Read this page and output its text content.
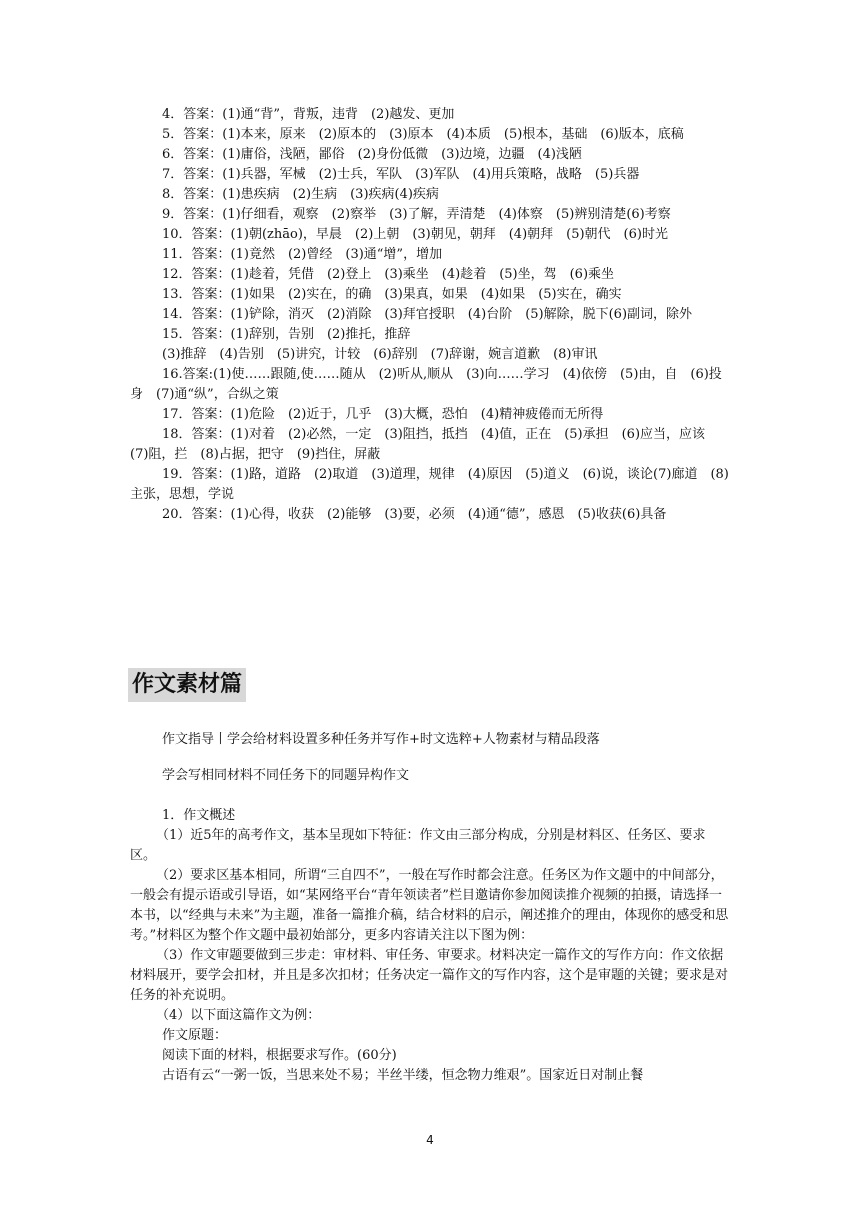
4．答案：(1)通“背”，背叛，违背　(2)越发、更加

5．答案：(1)本来，原来　(2)原本的　(3)原本　(4)本质　(5)根本，基础　(6)版本，底稿

6．答案：(1)庸俗，浅陋，鄙俗　(2)身份低微　(3)边境，边疆　(4)浅陋

7．答案：(1)兵器，军械　(2)士兵，军队　(3)军队　(4)用兵策略，战略　(5)兵器

8．答案：(1)患疾病　(2)生病　(3)疾病(4)疾病

9．答案：(1)仔细看，观察　(2)察举　(3)了解，弄清楚　(4)体察　(5)辨别清楚(6)考察

10．答案：(1)朝(zhāo)，早晨　(2)上朝　(3)朝见，朝拜　(4)朝拜　(5)朝代　(6)时光

11．答案：(1)竟然　(2)曾经　(3)通“增”，增加

12．答案：(1)趁着，凭借　(2)登上　(3)乘坐　(4)趁着　(5)坐，驾　(6)乘坐

13．答案：(1)如果　(2)实在，的确　(3)果真，如果　(4)如果　(5)实在，确实

14．答案：(1)铲除，消灭　(2)消除　(3)拜官授职　(4)台阶　(5)解除，脱下(6)副词，除外

15．答案：(1)辞别，告别　(2)推托，推辞

(3)推辞　(4)告别　(5)讲究，计较　(6)辞别　(7)辞谢，婉言道歉　(8)审讯

16.答案:(1)使……跟随,使……随从　(2)听从,顺从　(3)向……学习　(4)依傍　(5)由，自　(6)投身　(7)通“纵”，合纵之策

17．答案：(1)危险　(2)近于，几乎　(3)大概，恐怕　(4)精神疲倦而无所得

18．答案：(1)对着　(2)必然，一定　(3)阻挡，抵挡　(4)值，正在　(5)承担　(6)应当，应该　(7)阻，拦　(8)占据，把守　(9)挡住，屏蔽

19．答案：(1)路，道路　(2)取道　(3)道理，规律　(4)原因　(5)道义　(6)说，谈论(7)廊道　(8)主张，思想，学说

20．答案：(1)心得，收获　(2)能够　(3)要，必须　(4)通“德”，感恩　(5)收获(6)具备

作文素材篇

作文指导丨学会给材料设置多种任务并写作+时文选粹+人物素材与精品段落

学会写相同材料不同任务下的同题异构作文

1．作文概述

（1）近5年的高考作文，基本呈现如下特征：作文由三部分构成，分别是材料区、任务区、要求区。

（2）要求区基本相同，所谓“三自四不”，一般在写作时都会注意。任务区为作文题中的中间部分，一般会有提示语或引导语，如“某网络平台“青年领读者”栏目邀请你参加阅读推介视频的拍摄，请选择一本书，以“经典与未来”为主题，准备一篇推介稿，结合材料的启示，阐述推介的理由，体现你的感受和思考。”材料区为整个作文题中最初始部分，更多内容请关注以下图为例：

（3）作文审题要做到三步走：审材料、审任务、审要求。材料决定一篇作文的写作方向：作文依据材料展开，要学会扣材，并且是多次扣材；任务决定一篇作文的写作内容，这个是审题的关键；要求是对任务的补充说明。

（4）以下面这篇作文为例：

作文原题：

阅读下面的材料，根据要求写作。(60分)

古语有云“一粥一饭，当思来处不易；半丝半缕，恒念物力维艰”。国家近日对制止餐

4
